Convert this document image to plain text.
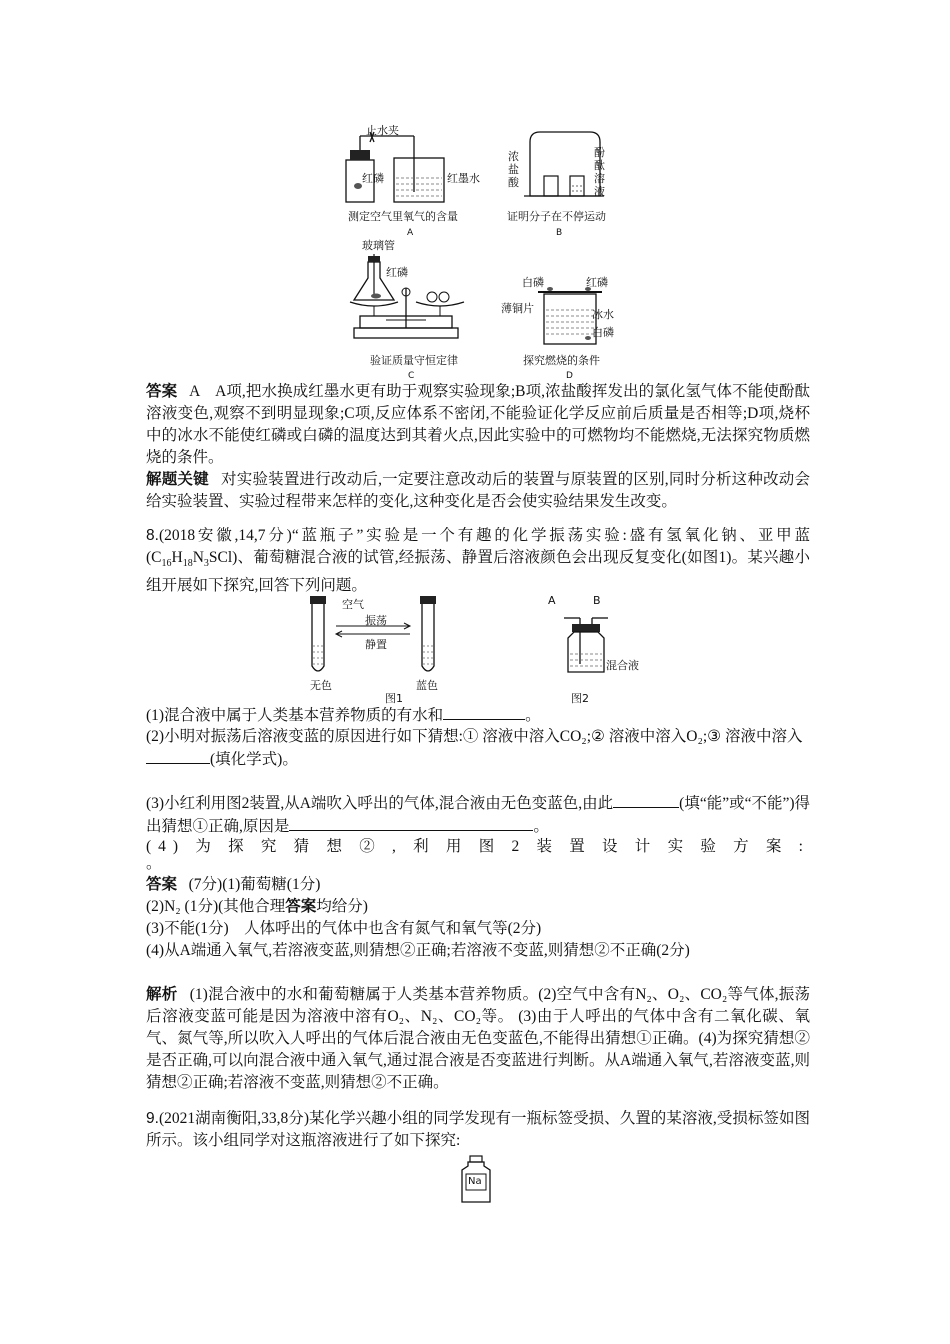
止水夹
红磷	红墨水
测定空气里氧气的含量
A
浓
盐
酸
酚
酞
溶
液
证明分子在不停运动
B
玻璃管
红磷
验证质量守恒定律
C
白磷	红磷
薄铜片	冰水
白磷
探究燃烧的条件
D
答案 A　A项,把水换成红墨水更有助于观察实验现象;B项,浓盐酸挥发出的氯化氢气体不能使酚酞溶液变色,观察不到明显现象;C项,反应体系不密闭,不能验证化学反应前后质量是否相等;D项,烧杯中的冰水不能使红磷或白磷的温度达到其着火点,因此实验中的可燃物均不能燃烧,无法探究物质燃烧的条件。
解题关键 对实验装置进行改动后,一定要注意改动后的装置与原装置的区别,同时分析这种改动会给实验装置、实验过程带来怎样的变化,这种变化是否会使实验结果发生改变。
8.(2018安徽,14,7分)“蓝瓶子”实验是一个有趣的化学振荡实验:盛有氢氧化钠、亚甲蓝$(C_{16}H_{18}N_3SCl)$、葡萄糖混合液的试管,经振荡、静置后溶液颜色会出现反复变化(如图1)。某兴趣小组开展如下探究,回答下列问题。
空气
振荡
静置
无色	蓝色
图1
A	B
混合液
图2
(1)混合液中属于人类基本营养物质的有水和	。
(2)小明对振荡后溶液变蓝的原因进行如下猜想:① 溶液中溶入CO₂;② 溶液中溶入O₂;③ 溶液中溶入
(填化学式)。
(3)小红利用图2装置,从A端吹入呼出的气体,混合液由无色变蓝色,由此	(填“能”或“不能”)得出猜想①正确,原因是	。
(4)为探究猜想②,利用图2装置设计实验方案:
。
答案 (7分)(1)葡萄糖(1分)
(2)N₂ (1分)(其他合理答案均给分)
(3)不能(1分)　人体呼出的气体中也含有氮气和氧气等(2分)
(4)从A端通入氧气,若溶液变蓝,则猜想②正确;若溶液不变蓝,则猜想②不正确(2分)
解析 (1)混合液中的水和葡萄糖属于人类基本营养物质。(2)空气中含有N₂、O₂、CO₂等气体,振荡后溶液变蓝可能是因为溶液中溶有O₂、N₂、CO₂等。 (3)由于人呼出的气体中含有二氧化碳、氧气、氮气等,所以吹入人呼出的气体后混合液由无色变蓝色,不能得出猜想①正确。(4)为探究猜想②是否正确,可以向混合液中通入氧气,通过混合液是否变蓝进行判断。从A端通入氧气,若溶液变蓝,则猜想②正确;若溶液不变蓝,则猜想②不正确。
9.(2021湖南衡阳,33,8分)某化学兴趣小组的同学发现有一瓶标签受损、久置的某溶液,受损标签如图所示。该小组同学对这瓶溶液进行了如下探究:
Na
